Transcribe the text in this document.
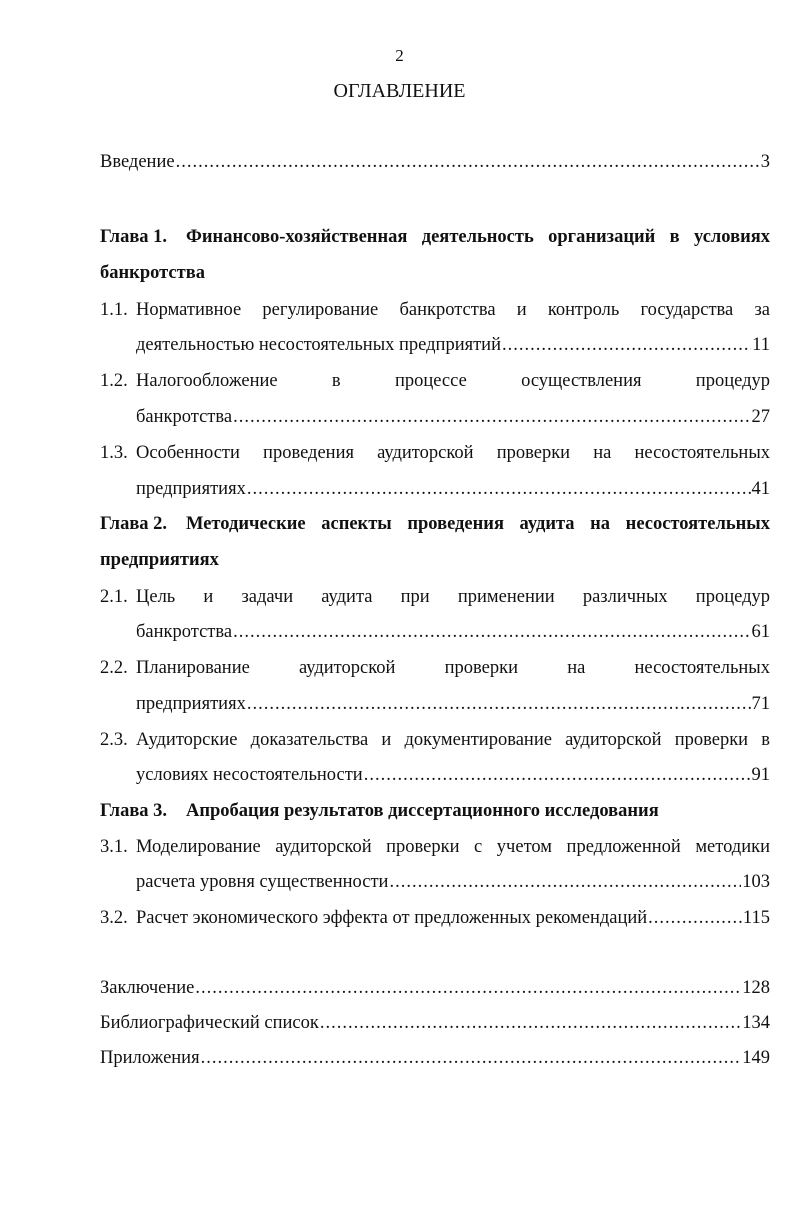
2
ОГЛАВЛЕНИЕ
Введение .....	3
Глава 1.	Финансово-хозяйственная деятельность организаций в условиях
банкротства
1.1. Нормативное регулирование банкротства и контроль государства за
деятельностью несостоятельных предприятий .....	11
1.2. Налогообложение в процессе осуществления процедур
банкротства .....	27
1.3. Особенности проведения аудиторской проверки на несостоятельных
предприятиях .....	41
Глава 2.	Методические аспекты проведения аудита на несостоятельных
предприятиях
2.1. Цель и задачи аудита при применении различных процедур
банкротства .....	61
2.2. Планирование аудиторской проверки на несостоятельных
предприятиях .....	71
2.3. Аудиторские доказательства и документирование аудиторской проверки в
условиях несостоятельности .....	91
Глава 3.	Апробация результатов диссертационного исследования
3.1. Моделирование аудиторской проверки с учетом предложенной методики
расчета уровня существенности .....	103
3.2. Расчет экономического эффекта от предложенных рекомендаций .....	115
Заключение .....	128
Библиографический список .....	134
Приложения .....	149
